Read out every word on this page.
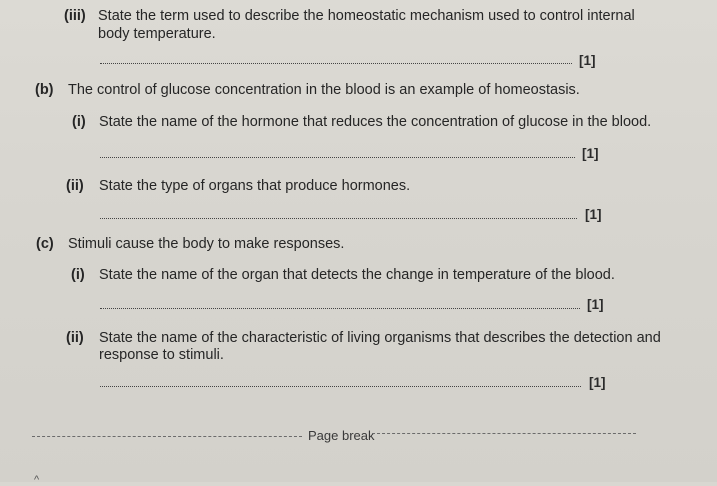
(iii) State the term used to describe the homeostatic mechanism used to control internal
body temperature.
[1]
(b) The control of glucose concentration in the blood is an example of homeostasis.
(i) State the name of the hormone that reduces the concentration of glucose in the blood.
[1]
(ii) State the type of organs that produce hormones.
[1]
(c) Stimuli cause the body to make responses.
(i) State the name of the organ that detects the change in temperature of the blood.
[1]
(ii) State the name of the characteristic of living organisms that describes the detection and
response to stimuli.
[1]
Page break
^
